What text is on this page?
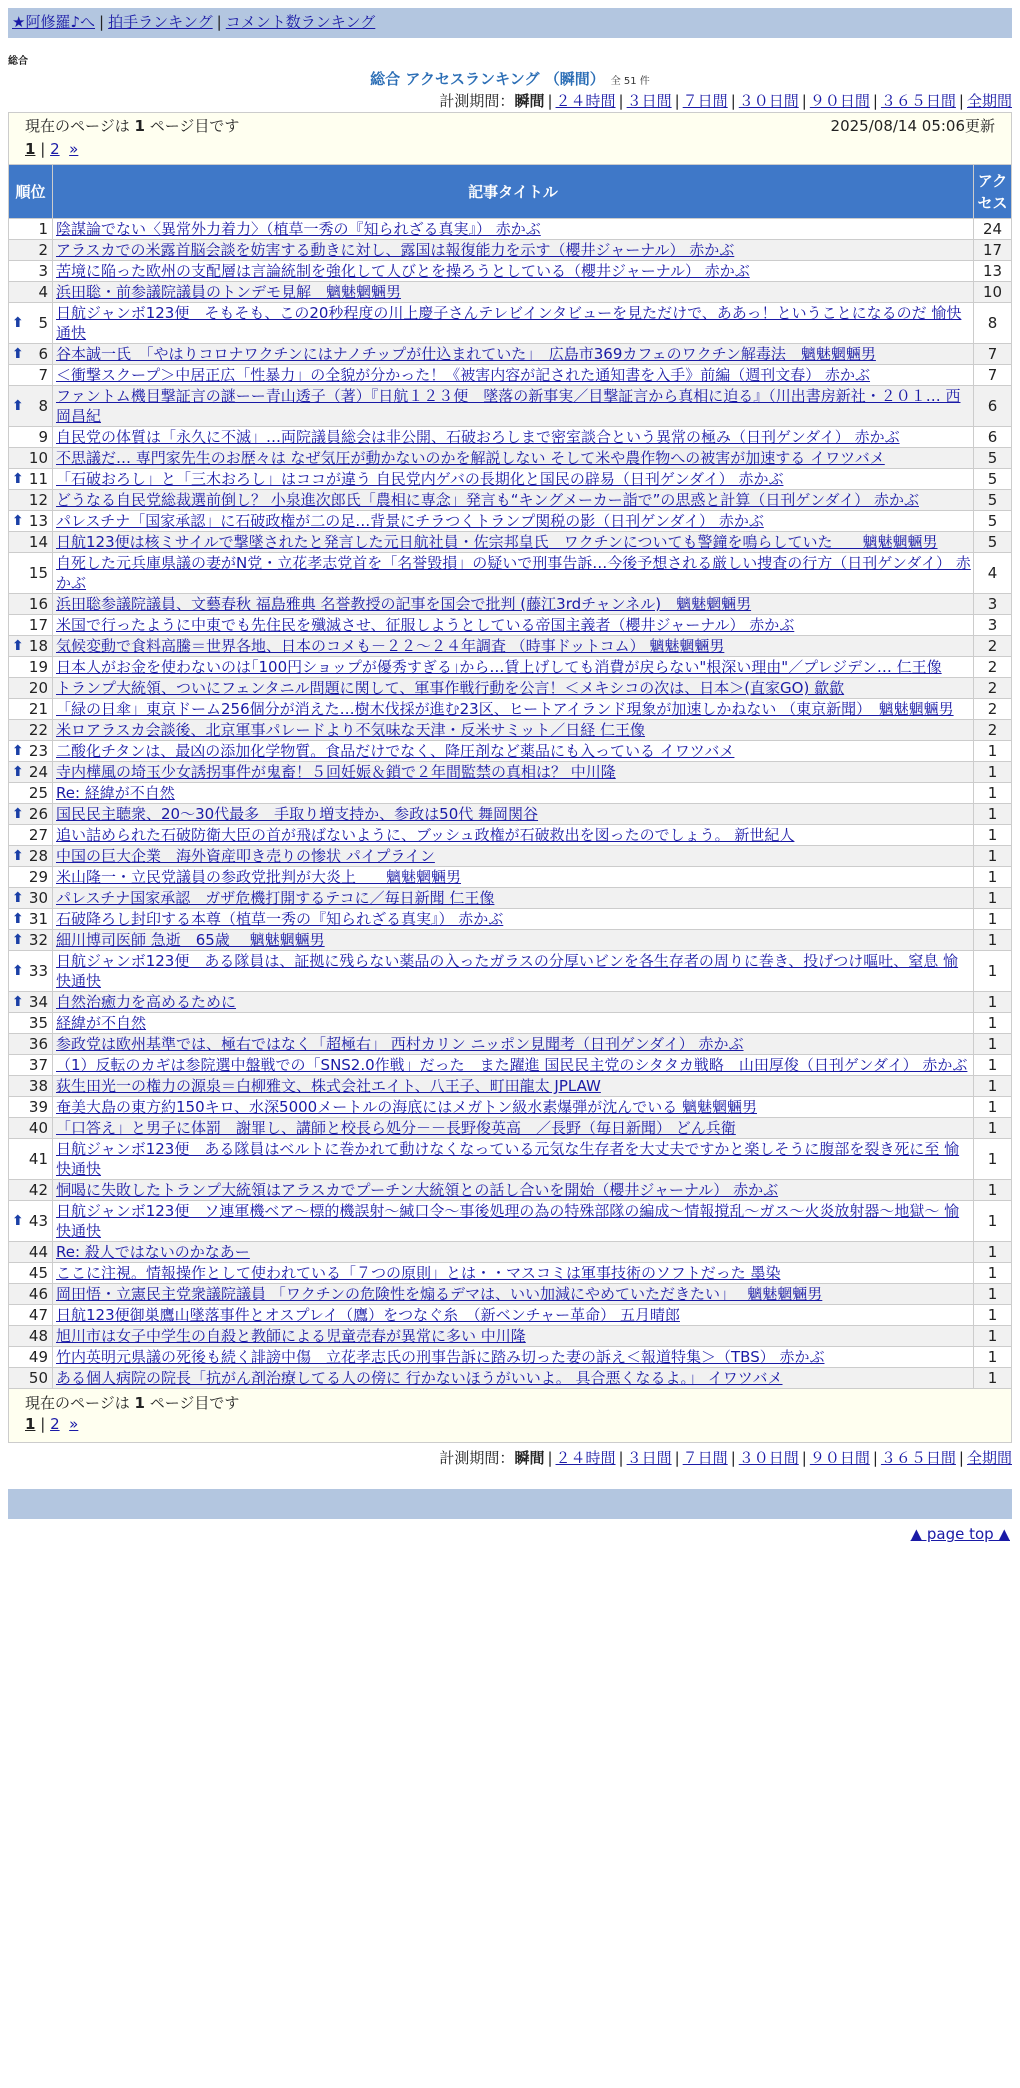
★阿修羅♪へ | 拍手ランキング | コメント数ランキング
総合
総合 アクセスランキング （瞬間） 全 51 件
計測期間：瞬間 | ２４時間 | ３日間 | ７日間 | ３０日間 | ９０日間 | ３６５日間 | 全期間
現在のページは 1 ページ目です	2025/08/14 05:06更新
1 | 2 »
順位	記事タイトル	アクセス
1	陰謀論でない〈異常外力着力〉（植草一秀の『知られざる真実』） 赤かぶ	24
2	アラスカでの米露首脳会談を妨害する動きに対し、露国は報復能力を示す（櫻井ジャーナル） 赤かぶ	17
3	苦境に陥った欧州の支配層は言論統制を強化して人びとを操ろうとしている（櫻井ジャーナル） 赤かぶ	13
4	浜田聡・前参議院議員のトンデモ見解　魑魅魍魎男	10

⬆ 5	日航ジャンボ123便　そもそも、この20秒程度の川上慶子さんテレビインタビューを見ただけで、ああっ！ということになるのだ 愉快通快	8

⬆ 6	谷本誠一氏　「やはりコロナワクチンにはナノチップが仕込まれていた」　広島市369カフェのワクチン解毒法　魑魅魍魎男	7
7	＜衝撃スクープ＞中居正広「性暴力」の全貌が分かった！《被害内容が記された通知書を入手》前編（週刊文春） 赤かぶ	7

⬆ 8	ファントム機目撃証言の謎ーー青山透子（著）『日航１２３便　墜落の新事実／目撃証言から真相に迫る』（川出書房新社・２０１… 西岡昌紀	6
9	自民党の体質は「永久に不滅」…両院議員総会は非公開、石破おろしまで密室談合という異常の極み（日刊ゲンダイ） 赤かぶ	6
10	不思議だ… 専門家先生のお歴々は なぜ気圧が動かないのかを解説しない そして米や農作物への被害が加速する イワツバメ	5

⬆ 11	「石破おろし」と「三木おろし」はココが違う 自民党内ゲバの長期化と国民の辟易（日刊ゲンダイ） 赤かぶ	5
12	どうなる自民党総裁選前倒し？ 小泉進次郎氏「農相に専念」発言も“キングメーカー詣で”の思惑と計算（日刊ゲンダイ） 赤かぶ	5

⬆ 13	パレスチナ「国家承認」に石破政権が二の足…背景にチラつくトランプ関税の影（日刊ゲンダイ） 赤かぶ	5
14	日航123便は核ミサイルで撃墜されたと発言した元日航社員・佐宗邦皇氏　ワクチンについても警鐘を鳴らしていた　　魑魅魍魎男	5
15	自死した元兵庫県議の妻がN党・立花孝志党首を「名誉毀損」の疑いで刑事告訴…今後予想される厳しい捜査の行方（日刊ゲンダイ） 赤かぶ	4
16	浜田聡参議院議員、文藝春秋 福島雅典 名誉教授の記事を国会で批判 (藤江3rdチャンネル)　魑魅魍魎男	3
17	米国で行ったように中東でも先住民を殲滅させ、征服しようとしている帝国主義者（櫻井ジャーナル） 赤かぶ	3

⬆ 18	気候変動で食料高騰＝世界各地、日本のコメも－２２～２４年調査 （時事ドットコム） 魑魅魍魎男	2
19	日本人がお金を使わないのは｢100円ショップが優秀すぎる｣から…賃上げしても消費が戻らない"根深い理由"／プレジデン… 仁王像	2
20	トランプ大統領、ついにフェンタニル問題に関して、軍事作戦行動を公言！＜メキシコの次は、日本＞(直家GO) 歙歙	2
21	「緑の日傘」東京ドーム256個分が消えた…樹木伐採が進む23区、ヒートアイランド現象が加速しかねない （東京新聞）　魑魅魍魎男	2
22	米ロアラスカ会談後、北京軍事パレードより不気味な天津・反米サミット／日経 仁王像	2

⬆ 23	二酸化チタンは、最凶の添加化学物質。食品だけでなく、降圧剤など薬品にも入っている イワツバメ	1

⬆ 24	寺内樺風の埼玉少女誘拐事件が鬼畜！５回妊娠＆鎖で２年間監禁の真相は？ 中川隆	1
25	Re: 経緯が不自然	1

⬆ 26	国民民主聴衆、20～30代最多　手取り増支持か、参政は50代 舞岡関谷	1
27	追い詰められた石破防衛大臣の首が飛ばないように、ブッシュ政権が石破救出を図ったのでしょう。 新世紀人	1

⬆ 28	中国の巨大企業　海外資産叩き売りの惨状 パイプライン	1
29	米山隆一・立民党議員の参政党批判が大炎上　　魑魅魍魎男	1

⬆ 30	パレスチナ国家承認　ガザ危機打開するテコに／毎日新聞 仁王像	1

⬆ 31	石破降ろし封印する本尊（植草一秀の『知られざる真実』） 赤かぶ	1

⬆ 32	細川博司医師 急逝　65歳　 魑魅魍魎男	1

⬆ 33	日航ジャンボ123便　ある隊員は、証拠に残らない薬品の入ったガラスの分厚いビンを各生存者の周りに巻き、投げつけ嘔吐、窒息 愉快通快	1

⬆ 34	自然治癒力を高めるために	1
35	経緯が不自然	1
36	参政党は欧州基準では、極右ではなく「超極右」 西村カリン ニッポン見聞考（日刊ゲンダイ） 赤かぶ	1
37	（1）反転のカギは参院選中盤戦での「SNS2.0作戦」だった　また躍進 国民民主党のシタタカ戦略　山田厚俊（日刊ゲンダイ） 赤かぶ	1
38	荻生田光一の権力の源泉＝白柳雅文、株式会社エイト、八王子、町田龍太 JPLAW	1
39	奄美大島の東方約150キロ、水深5000メートルの海底にはメガトン級水素爆弾が沈んでいる 魑魅魍魎男	1
40	「口答え」と男子に体罰　謝罪し、講師と校長ら処分－－長野俊英高　／長野（毎日新聞） どん兵衛	1
41	日航ジャンボ123便　ある隊員はベルトに巻かれて動けなくなっている元気な生存者を大丈夫ですかと楽しそうに腹部を裂き死に至 愉快通快	1
42	恫喝に失敗したトランプ大統領はアラスカでプーチン大統領との話し合いを開始（櫻井ジャーナル） 赤かぶ	1

⬆ 43	日航ジャンボ123便　ソ連軍機ベア～標的機誤射～緘口令～事後処理の為の特殊部隊の編成～情報撹乱～ガス～火炎放射器～地獄～ 愉快通快	1
44	Re: 殺人ではないのかなあー	1
45	ここに注視。情報操作として使われている「７つの原則」とは・・マスコミは軍事技術のソフトだった 墨染	1
46	岡田悟・立憲民主党衆議院議員 「ワクチンの危険性を煽るデマは、いい加減にやめていただきたい」　 魑魅魍魎男	1
47	日航123便御巣鷹山墜落事件とオスプレイ（鷹）をつなぐ糸　（新ベンチャー革命） 五月晴郎	1
48	旭川市は女子中学生の自殺と教師による児童売春が異常に多い 中川隆	1
49	竹内英明元県議の死後も続く誹謗中傷　立花孝志氏の刑事告訴に踏み切った妻の訴え＜報道特集＞（TBS） 赤かぶ	1
50	ある個人病院の院長「抗がん剤治療してる人の傍に 行かないほうがいいよ。 具合悪くなるよ。」 イワツバメ	1
現在のページは 1 ページ目です
1 | 2 »
計測期間：瞬間 | ２４時間 | ３日間 | ７日間 | ３０日間 | ９０日間 | ３６５日間 | 全期間
▲ page top ▲
